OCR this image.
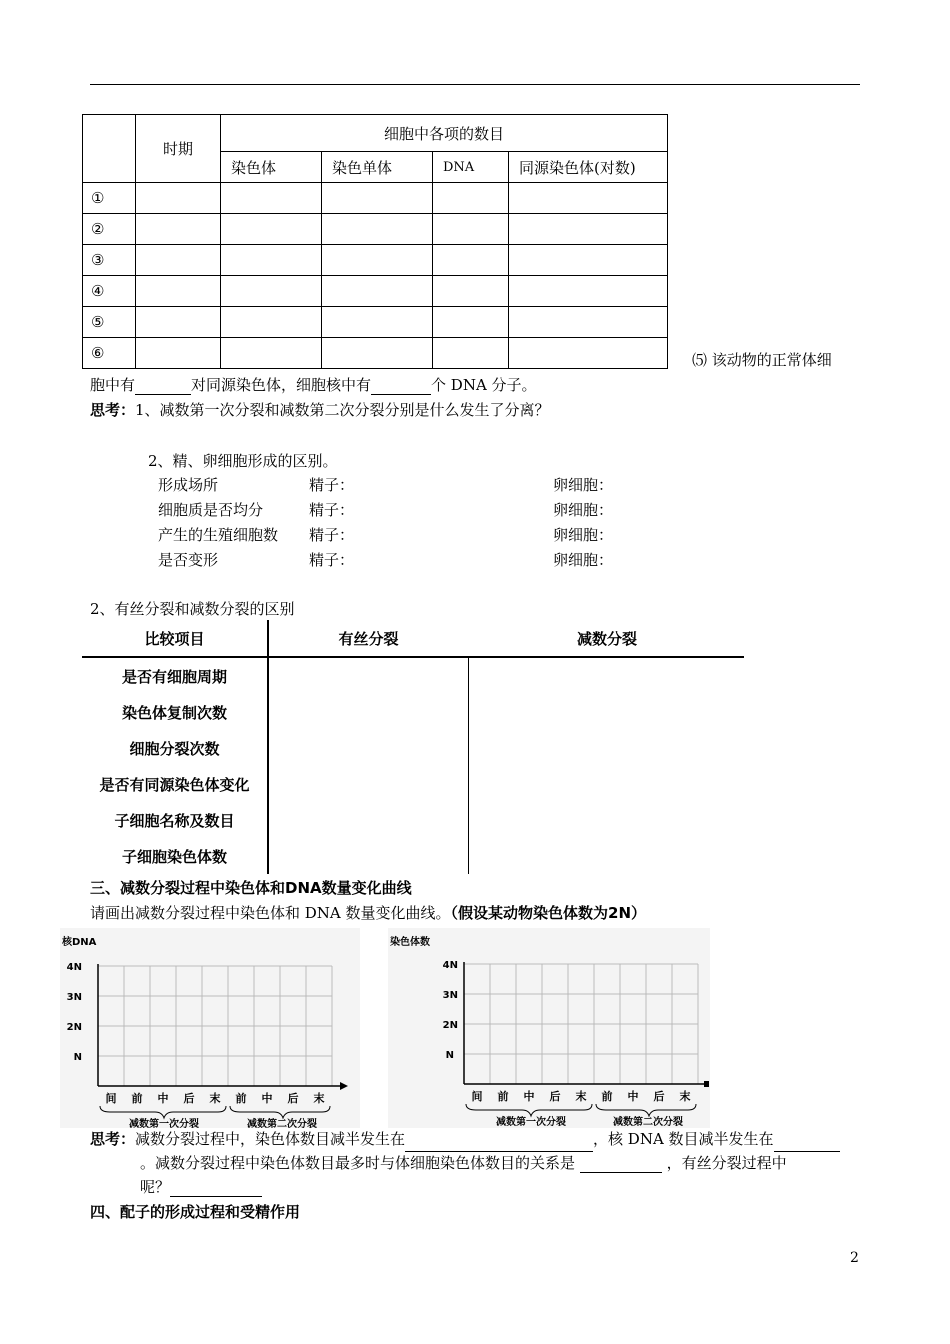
	时期	细胞中各项的数目			
		染色体	染色单体	DNA	同源染色体(对数)
①					
②					
③					
④					
⑤					
⑥						⑸ 该动物的正常体细
胞中有	对同源染色体，细胞核中有	个 DNA 分子。
思考：1、减数第一次分裂和减数第二次分裂分别是什么发生了分离？
2、精、卵细胞形成的区别。
形成场所	精子：	卵细胞：
细胞质是否均分	精子：	卵细胞：
产生的生殖细胞数 精子：	卵细胞：
是否变形	精子：	卵细胞：
2、有丝分裂和减数分裂的区别
比较项目	有丝分裂	减数分裂
是否有细胞周期
染色体复制次数
细胞分裂次数
是否有同源染色体变化
子细胞名称及数目
子细胞染色体数
三、减数分裂过程中染色体和DNA数量变化曲线
请画出减数分裂过程中染色体和 DNA 数量变化曲线。（假设某动物染色体数为2N）
核DNA
4N
3N
2N
N
间 前 中 后 末 前 中 后 末
减数第一次分裂	减数第二次分裂
染色体数
4N
3N
2N
N
间 前 中 后 末 前 中 后 末
减数第一次分裂	减数第二次分裂
思考：减数分裂过程中，染色体数目减半发生在	，核 DNA 数目减半发生在
。减数分裂过程中染色体数目最多时与体细胞染色体数目的关系是	，有丝分裂过程中
呢？
四、配子的形成过程和受精作用
2
